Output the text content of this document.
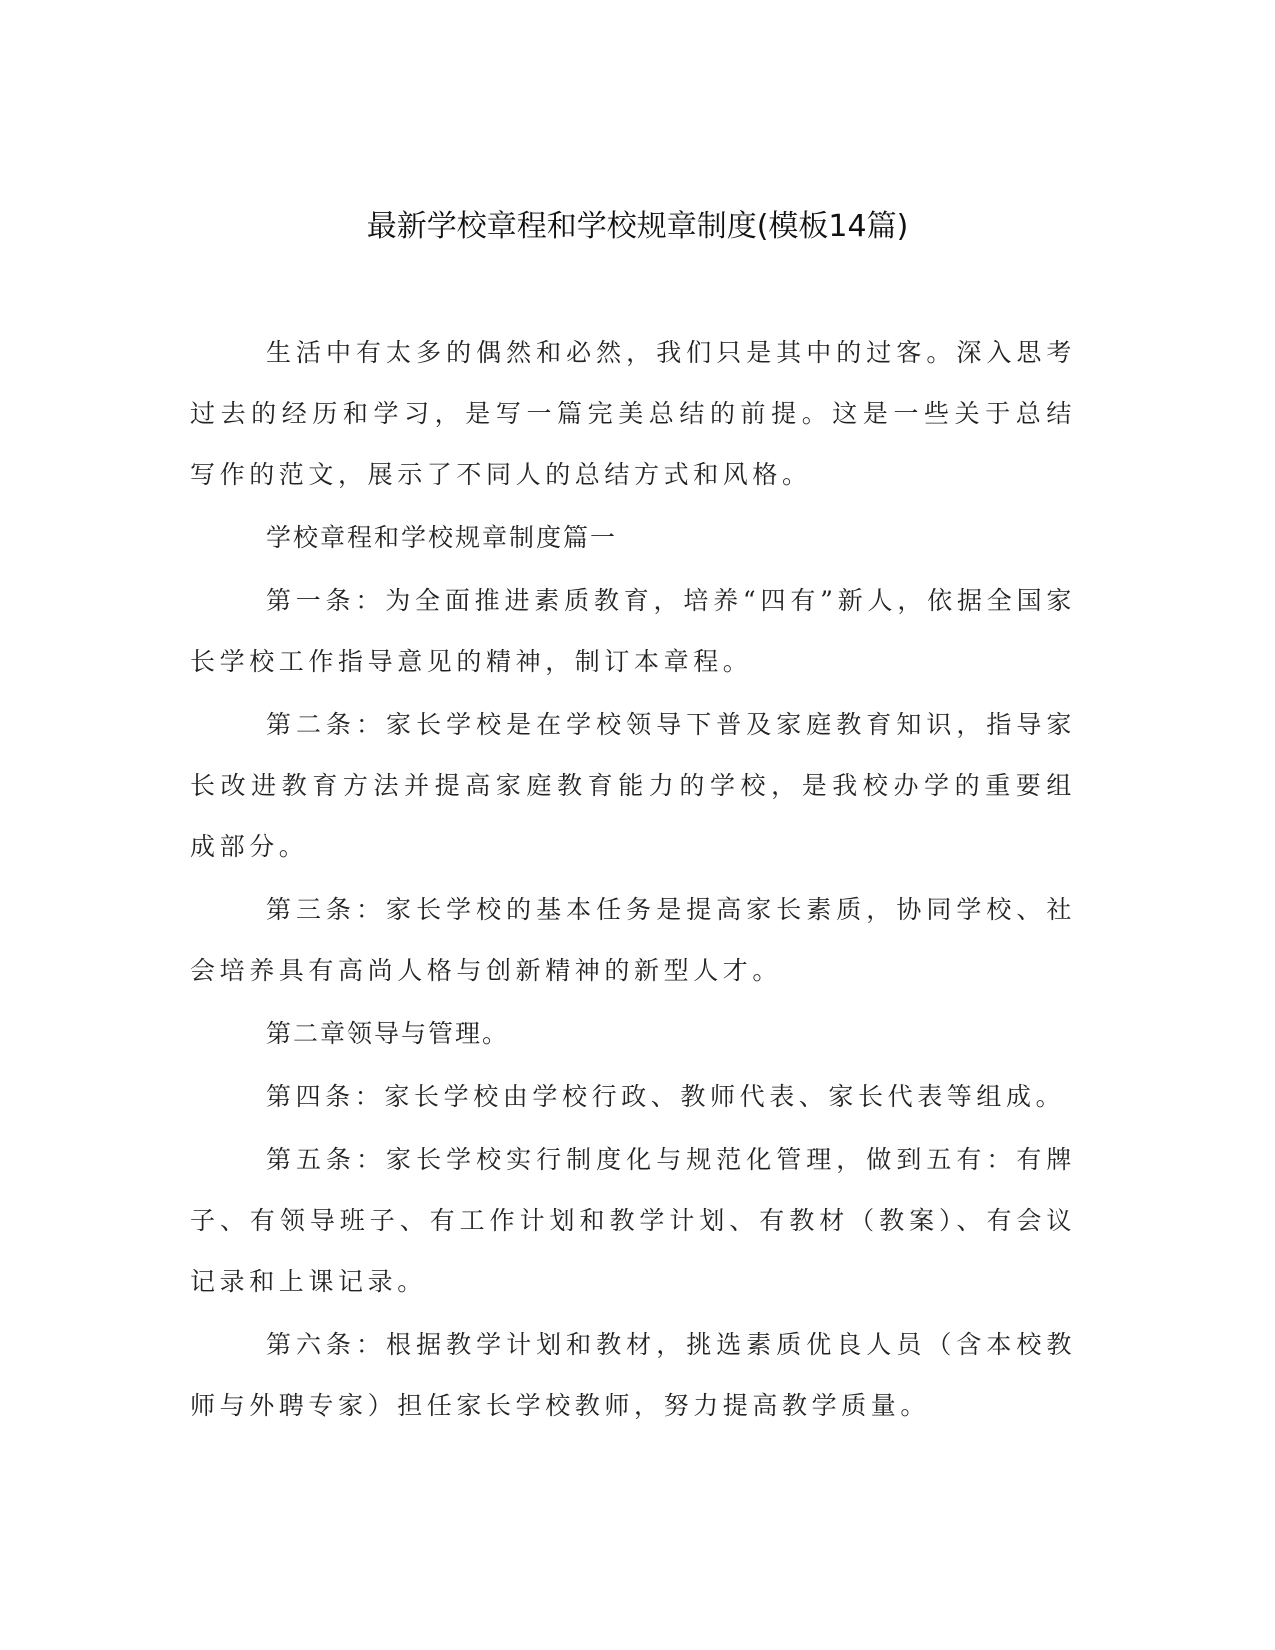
最新学校章程和学校规章制度(模板14篇)

生活中有太多的偶然和必然，我们只是其中的过客。深入思考过去的经历和学习，是写一篇完美总结的前提。这是一些关于总结写作的范文，展示了不同人的总结方式和风格。

学校章程和学校规章制度篇一

第一条：为全面推进素质教育，培养“四有”新人，依据全国家长学校工作指导意见的精神，制订本章程。

第二条：家长学校是在学校领导下普及家庭教育知识，指导家长改进教育方法并提高家庭教育能力的学校，是我校办学的重要组成部分。

第三条：家长学校的基本任务是提高家长素质，协同学校、社会培养具有高尚人格与创新精神的新型人才。

第二章领导与管理。

第四条：家长学校由学校行政、教师代表、家长代表等组成。

第五条：家长学校实行制度化与规范化管理，做到五有：有牌子、有领导班子、有工作计划和教学计划、有教材（教案）、有会议记录和上课记录。

第六条：根据教学计划和教材，挑选素质优良人员（含本校教师与外聘专家）担任家长学校教师，努力提高教学质量。
